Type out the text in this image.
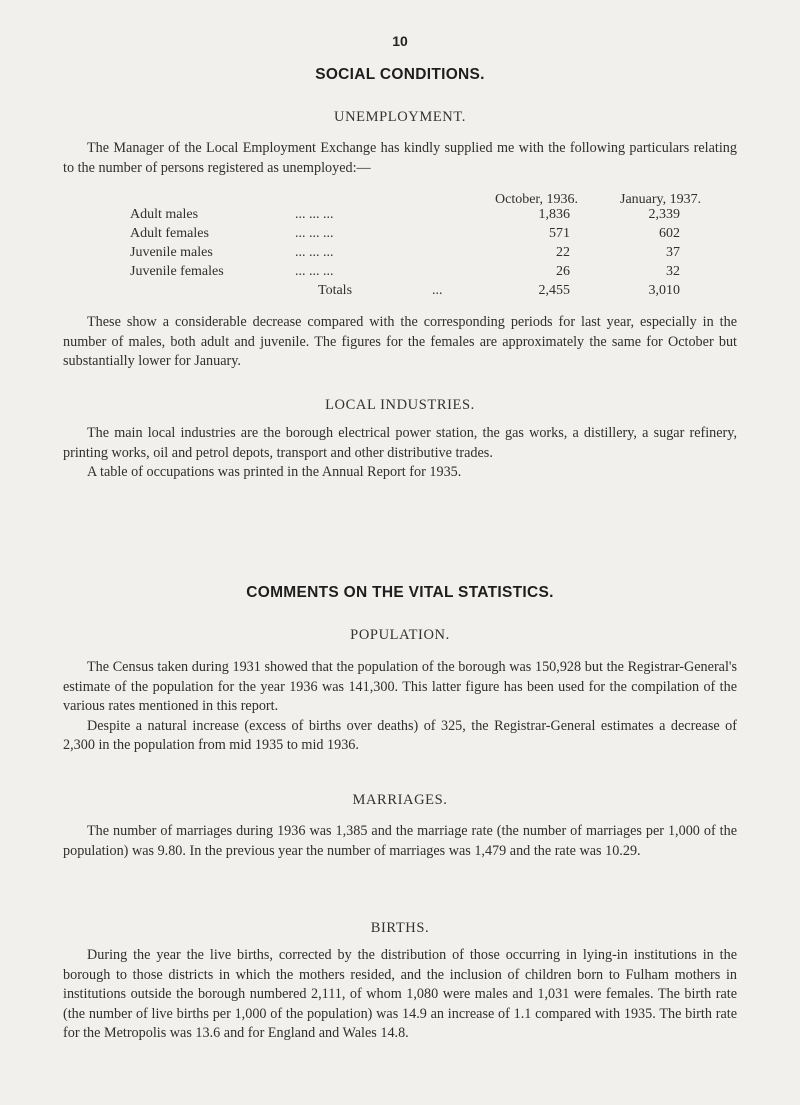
10
SOCIAL CONDITIONS.
UNEMPLOYMENT.
The Manager of the Local Employment Exchange has kindly supplied me with the following particulars relating to the number of persons registered as unemployed:—
October, 1936.	January, 1937.
Adult males	... ... ...	1,836	2,339
Adult females	... ... ...	571	602
Juvenile males	... ... ...	22	37
Juvenile females	... ... ...	26	32
Totals	...	2,455	3,010
These show a considerable decrease compared with the corresponding periods for last year, especially in the number of males, both adult and juvenile. The figures for the females are approximately the same for October but substantially lower for January.
LOCAL INDUSTRIES.
The main local industries are the borough electrical power station, the gas works, a distillery, a sugar refinery, printing works, oil and petrol depots, transport and other distributive trades.
A table of occupations was printed in the Annual Report for 1935.
COMMENTS ON THE VITAL STATISTICS.
POPULATION.
The Census taken during 1931 showed that the population of the borough was 150,928 but the Registrar-General's estimate of the population for the year 1936 was 141,300. This latter figure has been used for the compilation of the various rates mentioned in this report.
Despite a natural increase (excess of births over deaths) of 325, the Registrar-General estimates a decrease of 2,300 in the population from mid 1935 to mid 1936.
MARRIAGES.
The number of marriages during 1936 was 1,385 and the marriage rate (the number of marriages per 1,000 of the population) was 9.80. In the previous year the number of marriages was 1,479 and the rate was 10.29.
BIRTHS.
During the year the live births, corrected by the distribution of those occurring in lying-in institutions in the borough to those districts in which the mothers resided, and the inclusion of children born to Fulham mothers in institutions outside the borough numbered 2,111, of whom 1,080 were males and 1,031 were females. The birth rate (the number of live births per 1,000 of the population) was 14.9 an increase of 1.1 compared with 1935. The birth rate for the Metropolis was 13.6 and for England and Wales 14.8.
